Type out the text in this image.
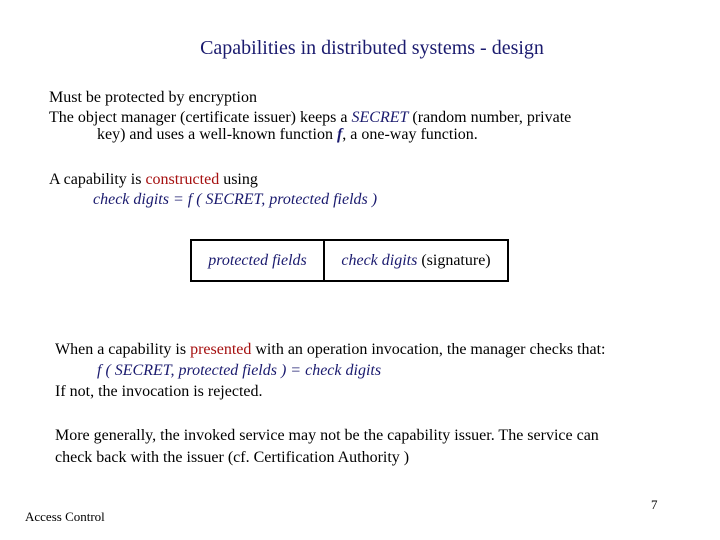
Capabilities in distributed systems - design
Must be protected by encryption
The object manager (certificate issuer) keeps a SECRET (random number, private
key) and uses a well-known function f, a one-way function.
A capability is constructed using
check digits = f ( SECRET, protected fields )
protected fields check digits (signature)
When a capability is presented with an operation invocation, the manager checks that:
f ( SECRET, protected fields ) = check digits
If not, the invocation is rejected.
More generally, the invoked service may not be the capability issuer. The service can
check back with the issuer (cf. Certification Authority )
Access Control
7
